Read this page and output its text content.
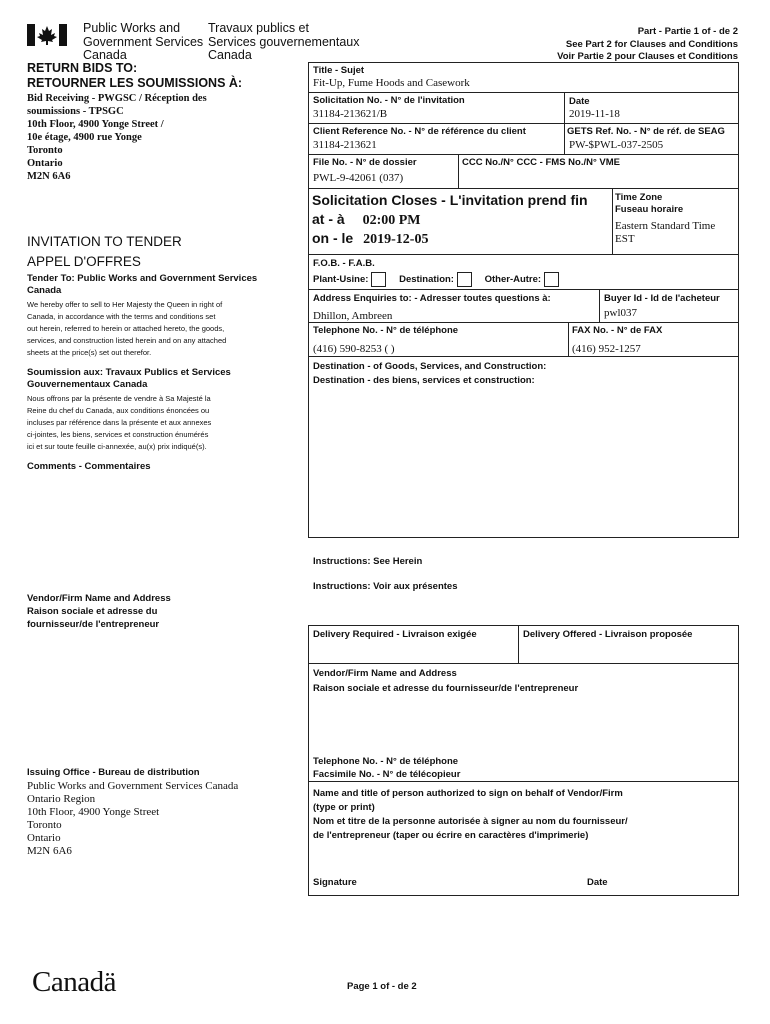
Public Works and
Government Services
Canada
Travaux publics et
Services gouvernementaux
Canada
Part - Partie 1 of - de 2
See Part 2 for Clauses and Conditions
Voir Partie 2 pour Clauses et Conditions
RETURN BIDS TO:
RETOURNER LES SOUMISSIONS À:
Bid Receiving - PWGSC / Réception des
soumissions - TPSGC
10th Floor, 4900 Yonge Street /
10e étage, 4900 rue Yonge
Toronto
Ontario
M2N 6A6
INVITATION TO TENDER
APPEL D'OFFRES
Tender To: Public Works and Government Services Canada
We hereby offer to sell to Her Majesty the Queen in right of
Canada, in accordance with the terms and conditions set
out herein, referred to herein or attached hereto, the goods,
services, and construction listed herein and on any attached
sheets at the price(s) set out therefor.
Soumission aux: Travaux Publics et Services Gouvernementaux Canada
Nous offrons par la présente de vendre à Sa Majesté la
Reine du chef du Canada, aux conditions énoncées ou
incluses par référence dans la présente et aux annexes
ci-jointes, les biens, services et construction énumérés
ici et sur toute feuille ci-annexée, au(x) prix indiqué(s).
Comments - Commentaires
Vendor/Firm Name and Address
Raison sociale et adresse du
fournisseur/de l'entrepreneur
Issuing Office - Bureau de distribution
Public Works and Government Services Canada
Ontario Region
10th Floor, 4900 Yonge Street
Toronto
Ontario
M2N 6A6
Title - Sujet
Fit-Up, Fume Hoods and Casework
Solicitation No. - N° de l'invitation
31184-213621/B
Date
2019-11-18
Client Reference No. - N° de référence du client
31184-213621
GETS Ref. No. - N° de réf. de SEAG
PW-$PWL-037-2505
File No. - N° de dossier
PWL-9-42061 (037)
CCC No./N° CCC - FMS No./N° VME
Solicitation Closes - L'invitation prend fin
at - à 02:00 PM
on - le 2019-12-05
Time Zone
Fuseau horaire
Eastern Standard Time
EST
F.O.B. - F.A.B.
Plant-Usine:	Destination:	Other-Autre:
Address Enquiries to: - Adresser toutes questions à:
Dhillon, Ambreen
Buyer Id - Id de l'acheteur
pwl037
Telephone No. - N° de téléphone
(416) 590-8253 ( )
FAX No. - N° de FAX
(416) 952-1257
Destination - of Goods, Services, and Construction:
Destination - des biens, services et construction:
Instructions: See Herein
Instructions: Voir aux présentes
Delivery Required - Livraison exigée	Delivery Offered - Livraison proposée
Vendor/Firm Name and Address
Raison sociale et adresse du fournisseur/de l'entrepreneur
Telephone No. - N° de téléphone
Facsimile No. - N° de télécopieur
Name and title of person authorized to sign on behalf of Vendor/Firm
(type or print)
Nom et titre de la personne autorisée à signer au nom du fournisseur/
de l'entrepreneur (taper ou écrire en caractères d'imprimerie)
Signature	Date
Canadä	Page 1 of - de 2
